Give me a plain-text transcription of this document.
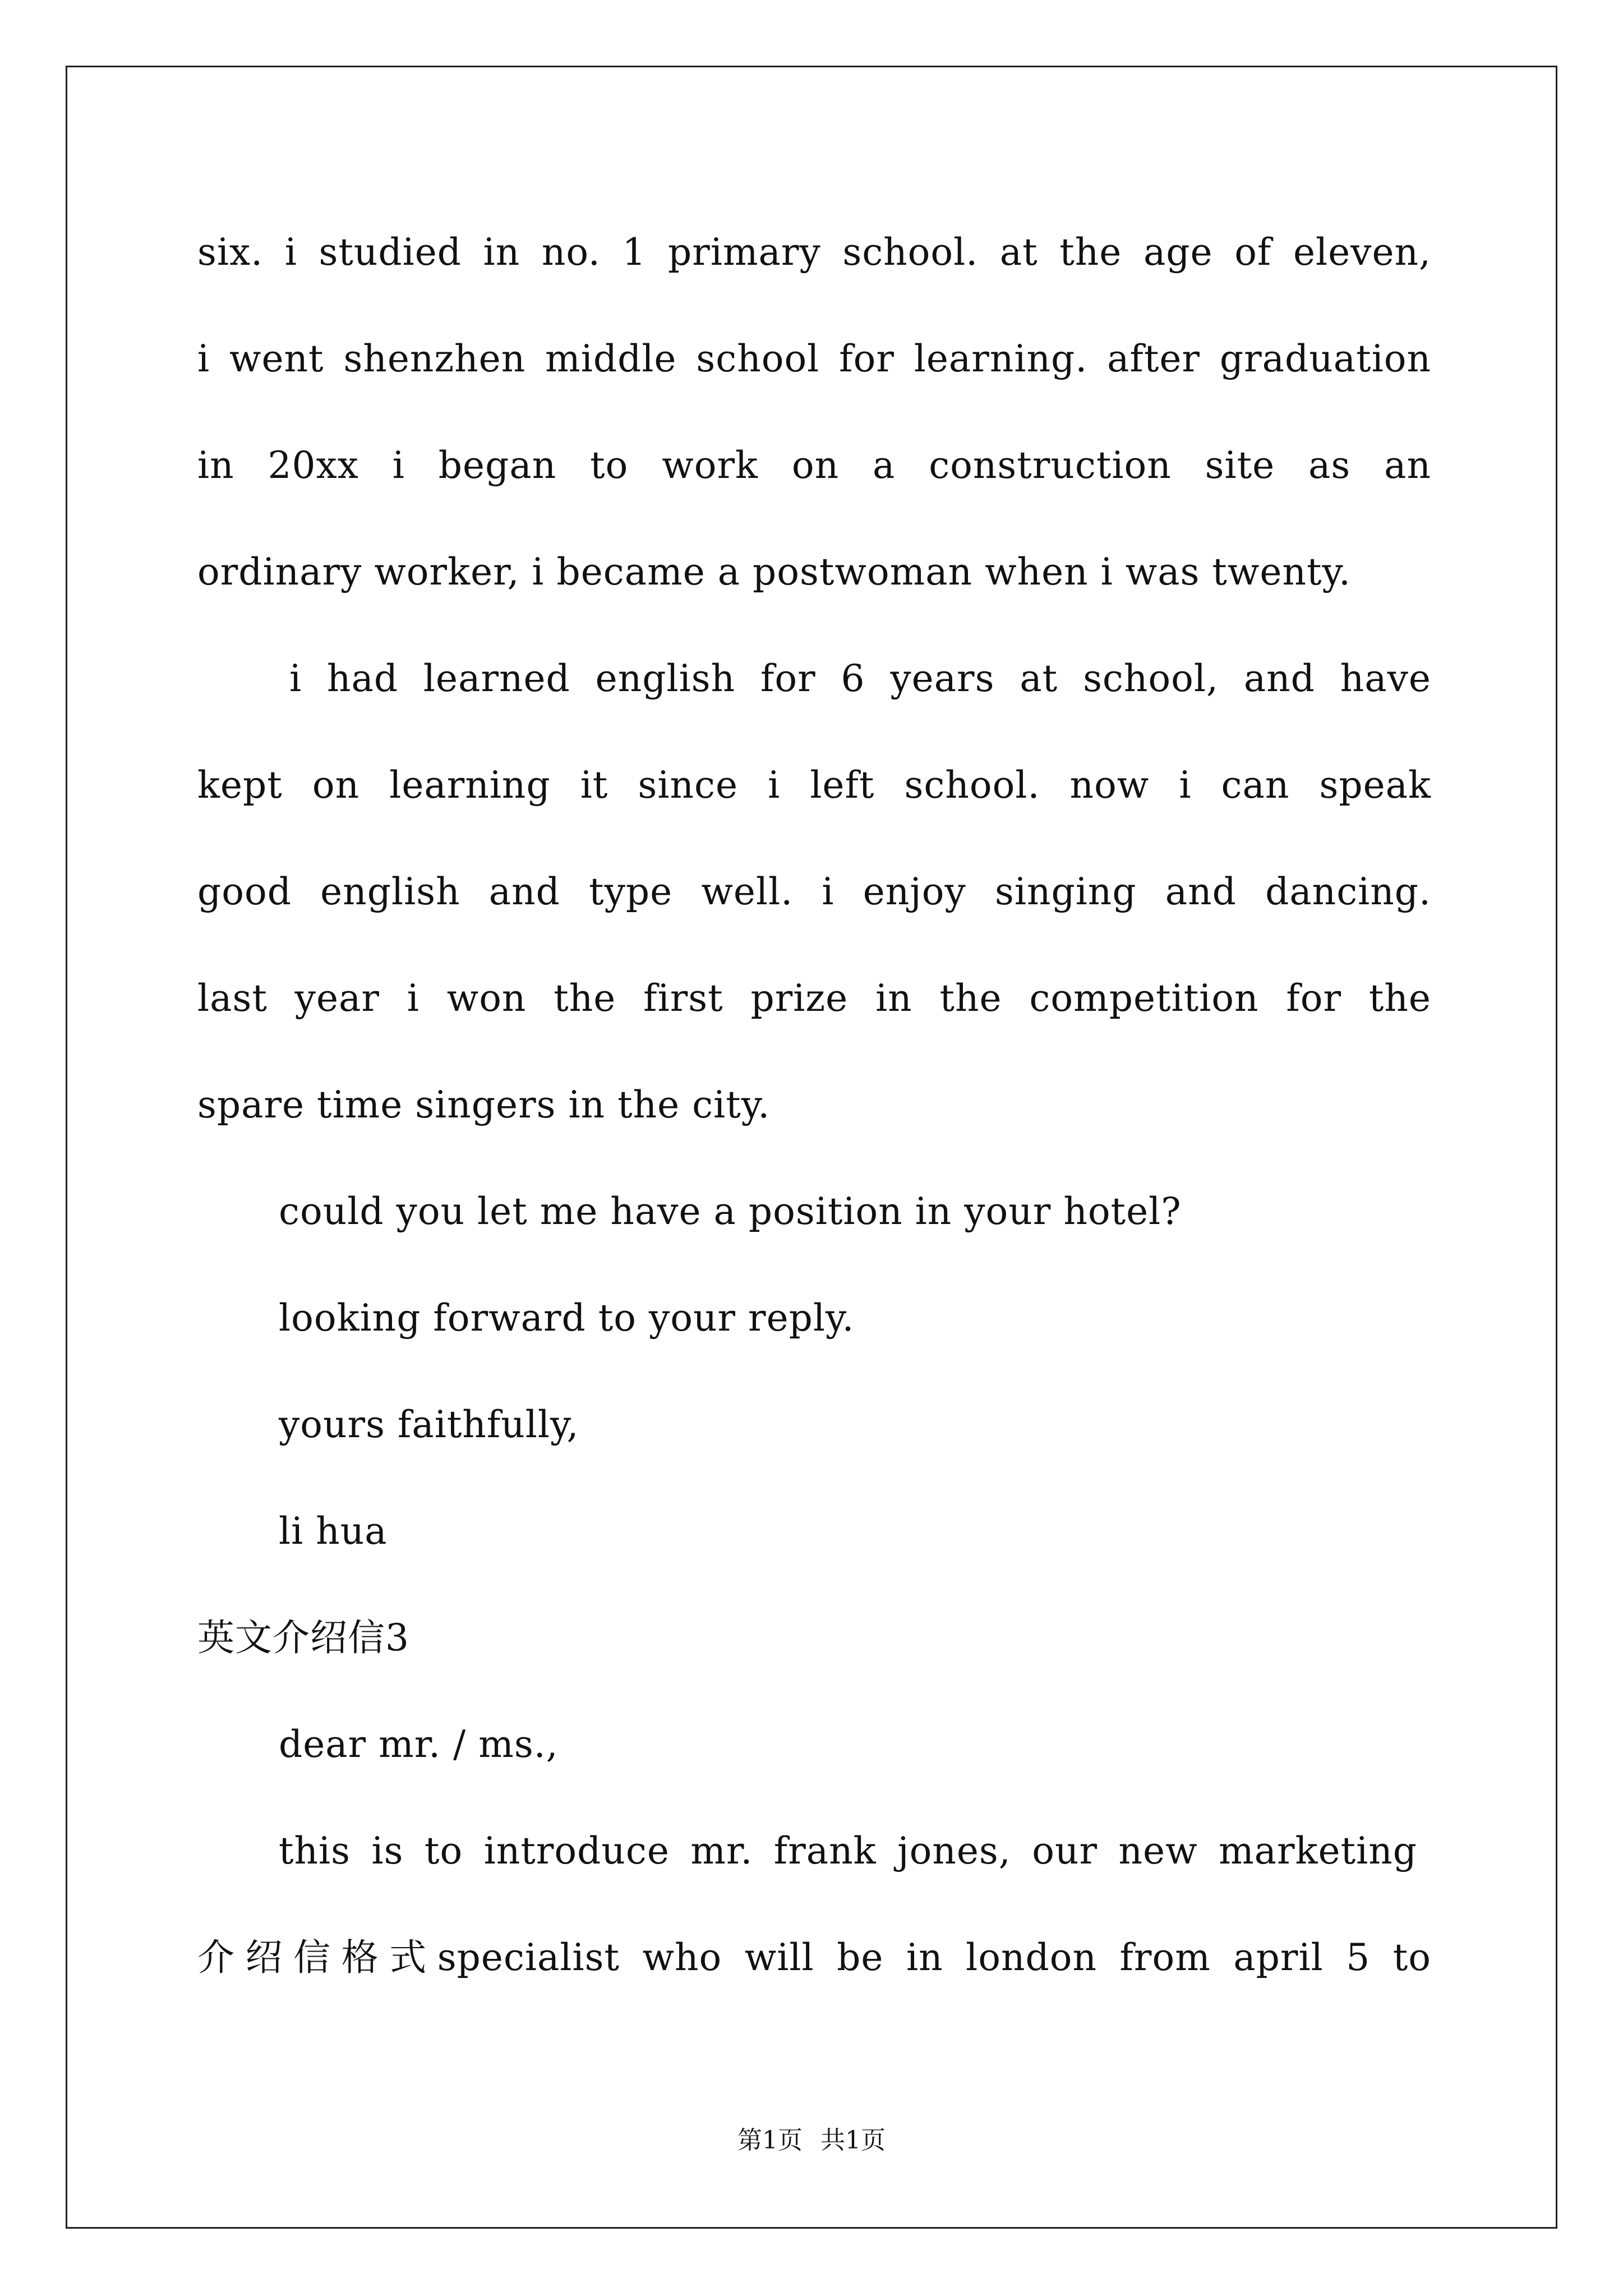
six. i studied in no. 1 primary school. at the age of eleven,
i went shenzhen middle school for learning. after graduation
in 20xx i began to work on a construction site as an
ordinary worker, i became a postwoman when i was twenty.
i had learned english for 6 years at school, and have
kept on learning it since i left school. now i can speak
good english and type well. i enjoy singing and dancing.
last year i won the first prize in the competition for the
spare time singers in the city.
could you let me have a position in your hotel?
looking forward to your reply.
yours faithfully,
li hua
英文介绍信3
dear mr. / ms.,
this is to introduce mr. frank jones, our new marketing
介绍信格式specialist who will be in london from april 5 to
第1页 共1页
